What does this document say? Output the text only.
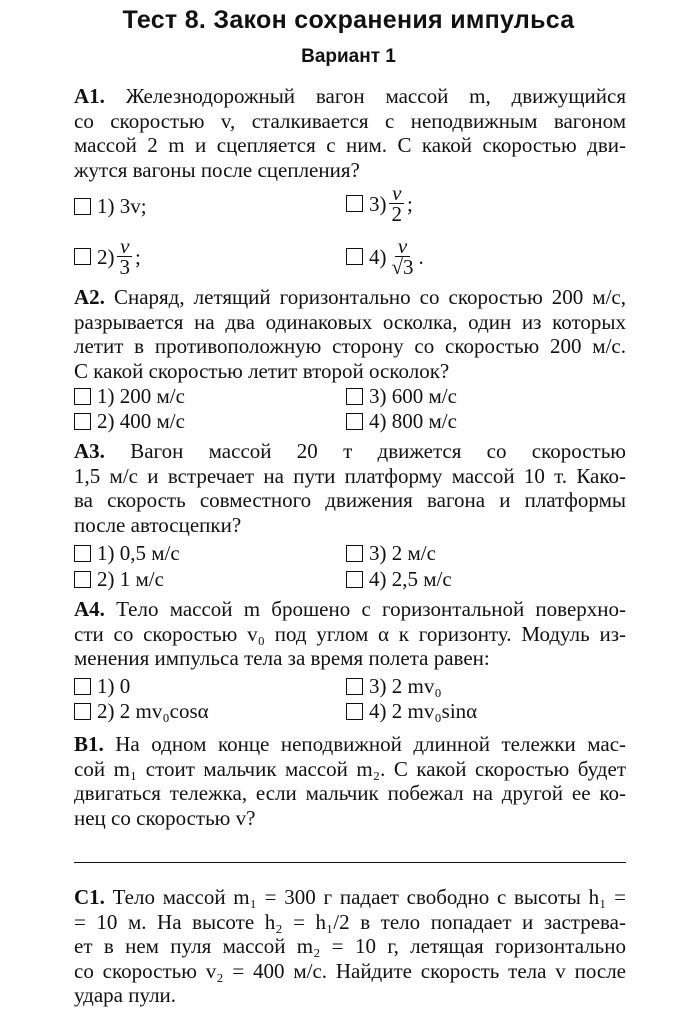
Тест 8. Закон сохранения импульса
Вариант 1
А1. Железнодорожный вагон массой m, движущийся
со скоростью v, сталкивается с неподвижным вагоном
массой 2 m и сцепляется с ним. С какой скоростью дви-
жутся вагоны после сцепления?
1) 3v;	$3) \frac{v}{2}$ ;
$2) \frac{v}{3}$ ;	$4) \frac{v}{√3}$ .
А2. Снаряд, летящий горизонтально со скоростью 200 м/с,
разрывается на два одинаковых осколка, один из которых
летит в противоположную сторону со скоростью 200 м/с.
С какой скоростью летит второй осколок?
1) 200 м/с
2) 400 м/с
3) 600 м/с
4) 800 м/с
А3. Вагон массой 20 т движется со скоростью
1,5 м/с и встречает на пути платформу массой 10 т. Како-
ва скорость совместного движения вагона и платформы
после автосцепки?
1) 0,5 м/с
2) 1 м/с
3) 2 м/с
4) 2,5 м/с
А4. Тело массой m брошено с горизонтальной поверхно-
сти со скоростью v₀ под углом α к горизонту. Модуль из-
менения импульса тела за время полета равен:
1) 0
2) 2 mv₀cosα
3) 2 mv₀
4) 2 mv₀sinα
В1. На одном конце неподвижной длинной тележки мас-
сой m₁ стоит мальчик массой m₂. С какой скоростью будет
двигаться тележка, если мальчик побежал на другой ее ко-
нец со скоростью v?
С1. Тело массой m₁ = 300 г падает свободно с высоты h₁ =
= 10 м. На высоте h₂ = h₁/2 в тело попадает и застрева-
ет в нем пуля массой m₂ = 10 г, летящая горизонтально
со скоростью v₂ = 400 м/с. Найдите скорость тела v после
удара пули.
